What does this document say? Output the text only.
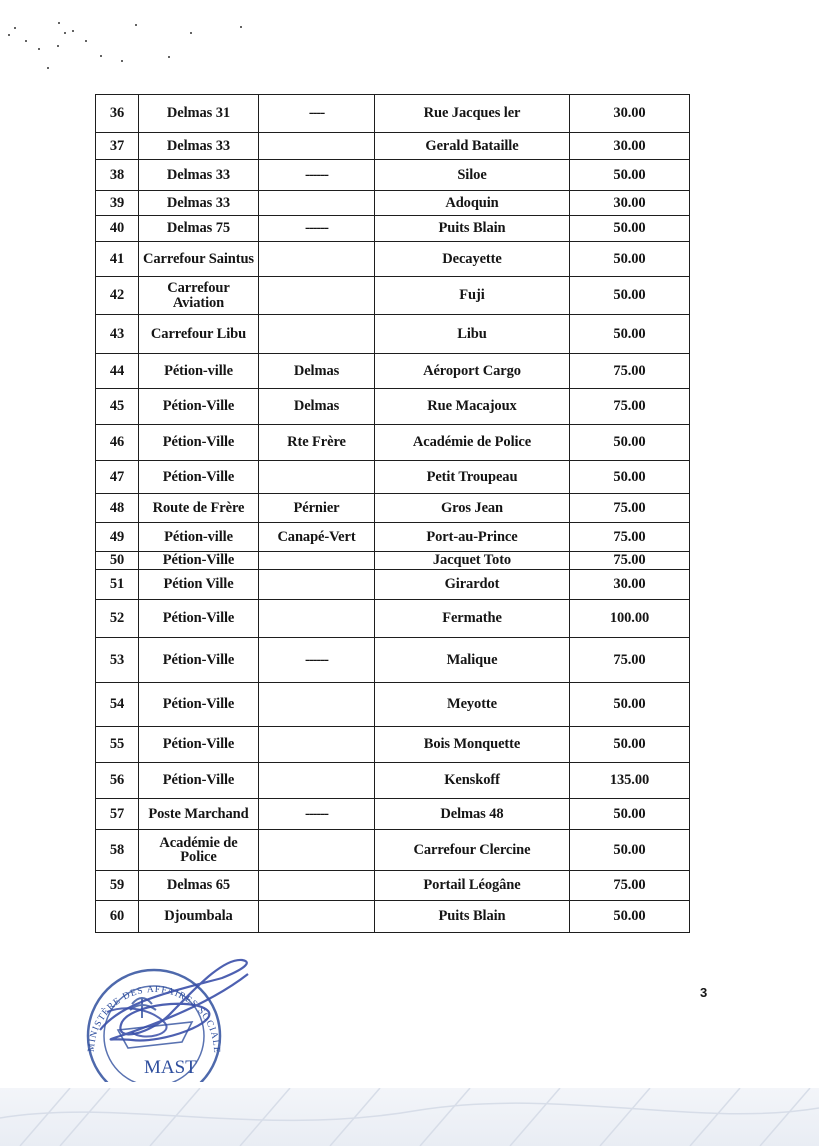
36	Delmas 31	----	Rue Jacques ler	30.00
37	Delmas 33		Gerald Bataille	30.00
38	Delmas 33	------	Siloe	50.00
39	Delmas 33		Adoquin	30.00
40	Delmas 75	------	Puits Blain	50.00
41	Carrefour Saintus		Decayette	50.00
42	Carrefour Aviation		Fuji	50.00
43	Carrefour Libu		Libu	50.00
44	Pétion-ville	Delmas	Aéroport Cargo	75.00
45	Pétion-Ville	Delmas	Rue Macajoux	75.00
46	Pétion-Ville	Rte Frère	Académie de Police	50.00
47	Pétion-Ville		Petit Troupeau	50.00
48	Route de Frère	Pérnier	Gros Jean	75.00
49	Pétion-ville	Canapé-Vert	Port-au-Prince	75.00
50	Pétion-Ville		Jacquet Toto	75.00
51	Pétion Ville		Girardot	30.00
52	Pétion-Ville		Fermathe	100.00
53	Pétion-Ville	------	Malique	75.00
54	Pétion-Ville		Meyotte	50.00
55	Pétion-Ville		Bois Monquette	50.00
56	Pétion-Ville		Kenskoff	135.00
57	Poste Marchand	------	Delmas 48	50.00
58	Académie de Police		Carrefour Clercine	50.00
59	Delmas 65		Portail Léogâne	75.00
60	Djoumbala		Puits Blain	50.00
MINISTÈRE DES AFFAIRES SOCIALE
MAST
3
